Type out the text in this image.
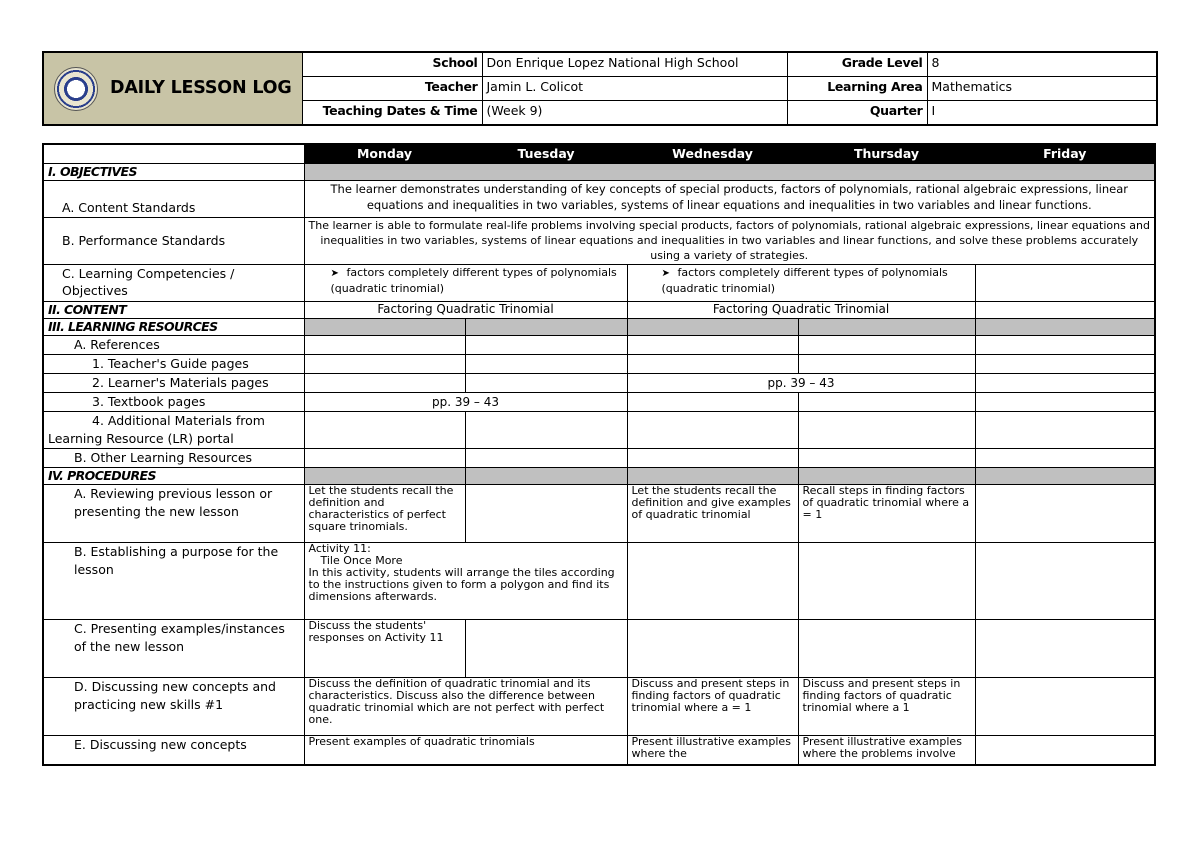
DAILY LESSON LOG	School	Don Enrique Lopez National High School	Grade Level	8
	Teacher	Jamin L. Colicot	Learning Area	Mathematics
	Teaching Dates & Time	(Week 9)	Quarter	I
	Monday	Tuesday	Wednesday	Thursday	Friday
I. OBJECTIVES					
A. Content Standards	The learner demonstrates understanding of key concepts of special products, factors of polynomials, rational algebraic expressions, linear equations and inequalities in two variables, systems of linear equations and inequalities in two variables and linear functions.				
B. Performance Standards	The learner is able to formulate real-life problems involving special products, factors of polynomials, rational algebraic expressions, linear equations and inequalities in two variables, systems of linear equations and inequalities in two variables and linear functions, and solve these problems accurately using a variety of strategies.				
C. Learning Competencies / Objectives	➤ factors completely different types of polynomials (quadratic trinomial)		➤ factors completely different types of polynomials (quadratic trinomial)		
II. CONTENT	Factoring Quadratic Trinomial		Factoring Quadratic Trinomial		
III. LEARNING RESOURCES					
A. References					
1. Teacher's Guide pages					
2. Learner's Materials pages			pp. 39 – 43		
3. Textbook pages	pp. 39 – 43				

4. Additional Materials from
Learning Resource (LR) portal					

B. Other Learning Resources					
IV. PROCEDURES					
A. Reviewing previous lesson or presenting the new lesson	Let the students recall the definition and characteristics of perfect square trinomials.		Let the students recall the definition and give examples of quadratic trinomial	Recall steps in finding factors of quadratic trinomial where a = 1	
B. Establishing a purpose for the lesson	Activity 11:
Tile Once More
In this activity, students will arrange the tiles according to the instructions given to form a polygon and find its dimensions afterwards.				

C. Presenting examples/instances of the new lesson	Discuss the students' responses on Activity 11				
D. Discussing new concepts and practicing new skills #1	Discuss the definition of quadratic trinomial and its characteristics. Discuss also the difference between quadratic trinomial which are not perfect with perfect one.		Discuss and present steps in finding factors of quadratic trinomial where a = 1	Discuss and present steps in finding factors of quadratic trinomial where a 1	
E. Discussing new concepts	Present examples of quadratic trinomials		Present illustrative examples where the	Present illustrative examples where the problems involve	
